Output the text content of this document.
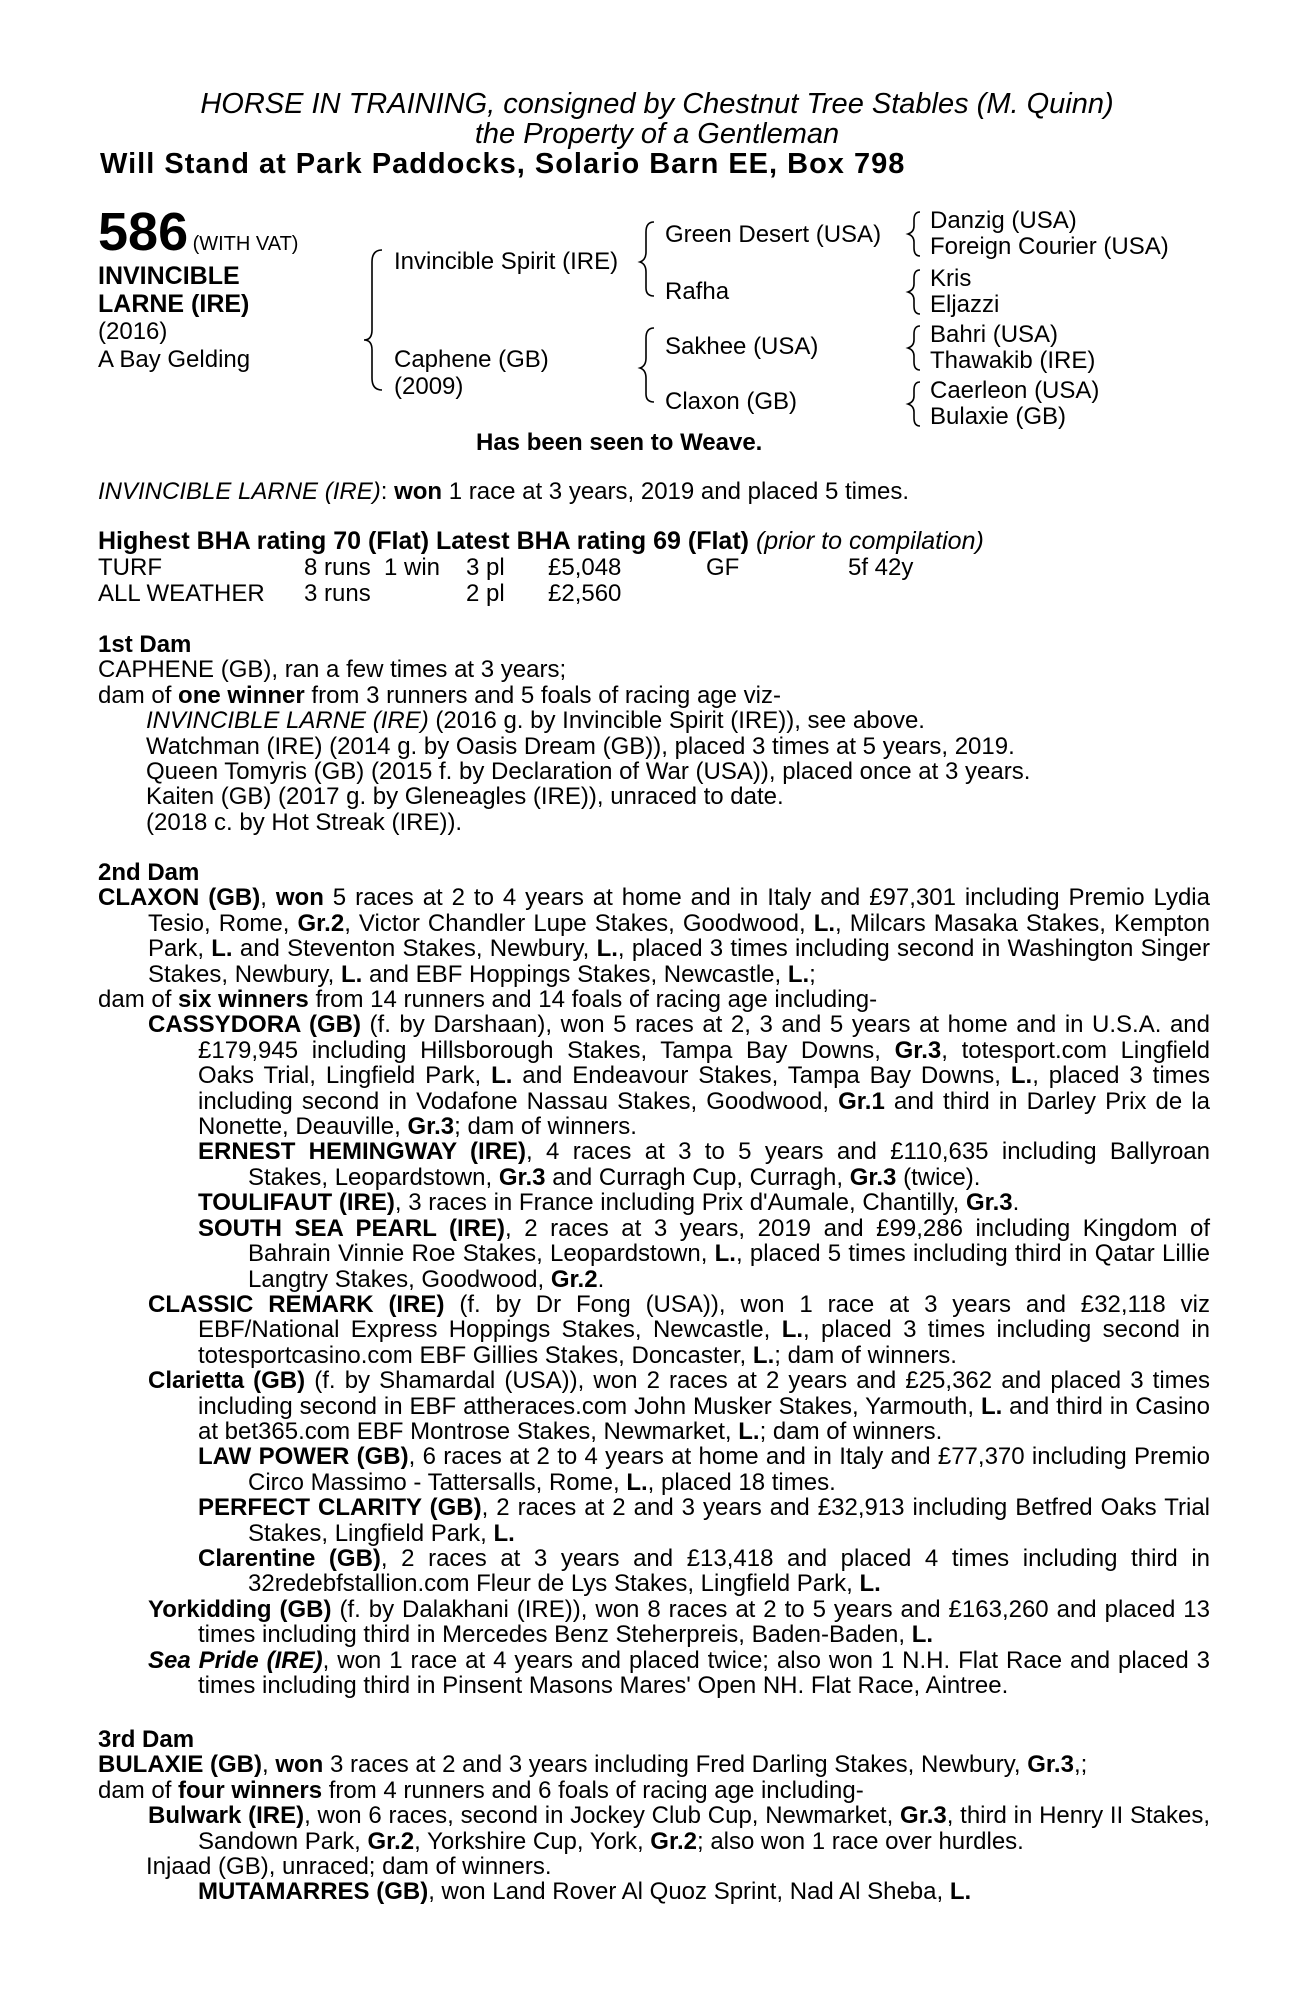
HORSE IN TRAINING, consigned by Chestnut Tree Stables (M. Quinn)
the Property of a Gentleman
Will Stand at Park Paddocks, Solario Barn EE, Box 798
586 (WITH VAT)
INVINCIBLE
LARNE (IRE)
(2016)
A Bay Gelding
Invincible Spirit (IRE)
Caphene (GB)
(2009)
Green Desert (USA)
Rafha
Sakhee (USA)
Claxon (GB)
Danzig (USA)
Foreign Courier (USA)
Kris
Eljazzi
Bahri (USA)
Thawakib (IRE)
Caerleon (USA)
Bulaxie (GB)
Has been seen to Weave.
INVINCIBLE LARNE (IRE): won 1 race at 3 years, 2019 and placed 5 times.
Highest BHA rating 70 (Flat) Latest BHA rating 69 (Flat) (prior to compilation)
TURF	8 runs 1 win 3 pl £5,048	GF	5f 42y
ALL WEATHER 3 runs	2 pl £2,560
1st Dam
CAPHENE (GB), ran a few times at 3 years;
dam of one winner from 3 runners and 5 foals of racing age viz-
INVINCIBLE LARNE (IRE) (2016 g. by Invincible Spirit (IRE)), see above.
Watchman (IRE) (2014 g. by Oasis Dream (GB)), placed 3 times at 5 years, 2019.
Queen Tomyris (GB) (2015 f. by Declaration of War (USA)), placed once at 3 years.
Kaiten (GB) (2017 g. by Gleneagles (IRE)), unraced to date.
(2018 c. by Hot Streak (IRE)).
2nd Dam
CLAXON (GB), won 5 races at 2 to 4 years at home and in Italy and £97,301 including Premio Lydia Tesio, Rome, Gr.2, Victor Chandler Lupe Stakes, Goodwood, L., Milcars Masaka Stakes, Kempton Park, L. and Steventon Stakes, Newbury, L., placed 3 times including second in Washington Singer Stakes, Newbury, L. and EBF Hoppings Stakes, Newcastle, L.;
dam of six winners from 14 runners and 14 foals of racing age including-
CASSYDORA (GB) (f. by Darshaan), won 5 races at 2, 3 and 5 years at home and in U.S.A. and £179,945 including Hillsborough Stakes, Tampa Bay Downs, Gr.3, totesport.com Lingfield Oaks Trial, Lingfield Park, L. and Endeavour Stakes, Tampa Bay Downs, L., placed 3 times including second in Vodafone Nassau Stakes, Goodwood, Gr.1 and third in Darley Prix de la Nonette, Deauville, Gr.3; dam of winners.
ERNEST HEMINGWAY (IRE), 4 races at 3 to 5 years and £110,635 including Ballyroan Stakes, Leopardstown, Gr.3 and Curragh Cup, Curragh, Gr.3 (twice).
TOULIFAUT (IRE), 3 races in France including Prix d'Aumale, Chantilly, Gr.3.
SOUTH SEA PEARL (IRE), 2 races at 3 years, 2019 and £99,286 including Kingdom of Bahrain Vinnie Roe Stakes, Leopardstown, L., placed 5 times including third in Qatar Lillie Langtry Stakes, Goodwood, Gr.2.
CLASSIC REMARK (IRE) (f. by Dr Fong (USA)), won 1 race at 3 years and £32,118 viz EBF/National Express Hoppings Stakes, Newcastle, L., placed 3 times including second in totesportcasino.com EBF Gillies Stakes, Doncaster, L.; dam of winners.
Clarietta (GB) (f. by Shamardal (USA)), won 2 races at 2 years and £25,362 and placed 3 times including second in EBF attheraces.com John Musker Stakes, Yarmouth, L. and third in Casino at bet365.com EBF Montrose Stakes, Newmarket, L.; dam of winners.
LAW POWER (GB), 6 races at 2 to 4 years at home and in Italy and £77,370 including Premio Circo Massimo - Tattersalls, Rome, L., placed 18 times.
PERFECT CLARITY (GB), 2 races at 2 and 3 years and £32,913 including Betfred Oaks Trial Stakes, Lingfield Park, L.
Clarentine (GB), 2 races at 3 years and £13,418 and placed 4 times including third in 32redebfstallion.com Fleur de Lys Stakes, Lingfield Park, L.
Yorkidding (GB) (f. by Dalakhani (IRE)), won 8 races at 2 to 5 years and £163,260 and placed 13 times including third in Mercedes Benz Steherpreis, Baden-Baden, L.
Sea Pride (IRE), won 1 race at 4 years and placed twice; also won 1 N.H. Flat Race and placed 3 times including third in Pinsent Masons Mares' Open NH. Flat Race, Aintree.
3rd Dam
BULAXIE (GB), won 3 races at 2 and 3 years including Fred Darling Stakes, Newbury, Gr.3,;
dam of four winners from 4 runners and 6 foals of racing age including-
Bulwark (IRE), won 6 races, second in Jockey Club Cup, Newmarket, Gr.3, third in Henry II Stakes, Sandown Park, Gr.2, Yorkshire Cup, York, Gr.2; also won 1 race over hurdles.
Injaad (GB), unraced; dam of winners.
MUTAMARRES (GB), won Land Rover Al Quoz Sprint, Nad Al Sheba, L.
